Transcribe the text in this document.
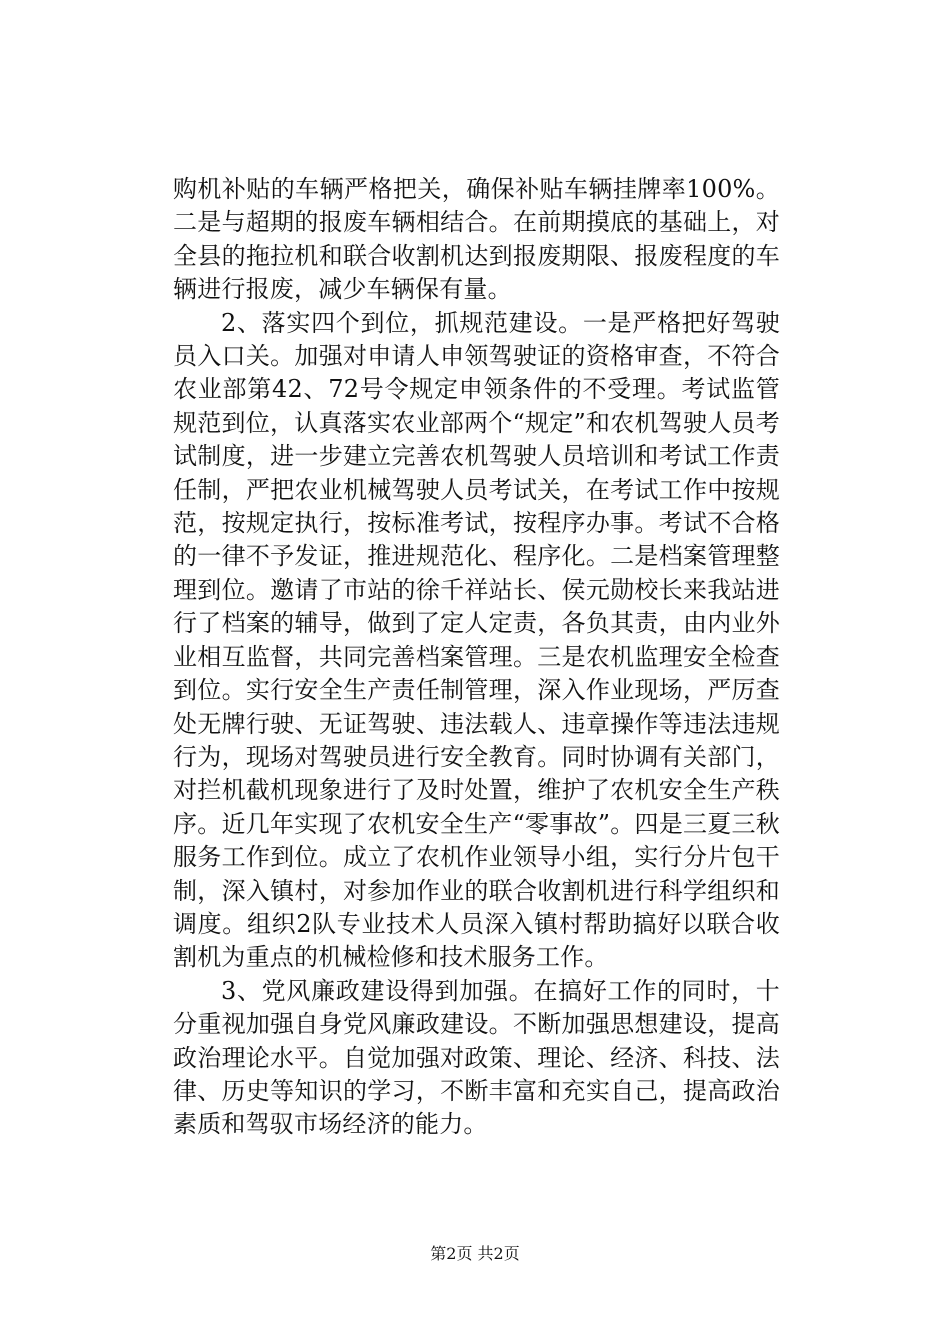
购机补贴的车辆严格把关，确保补贴车辆挂牌率100%。二是与超期的报废车辆相结合。在前期摸底的基础上，对全县的拖拉机和联合收割机达到报废期限、报废程度的车辆进行报废，减少车辆保有量。

2、落实四个到位，抓规范建设。一是严格把好驾驶员入口关。加强对申请人申领驾驶证的资格审查，不符合农业部第42、72号令规定申领条件的不受理。考试监管规范到位，认真落实农业部两个“规定”和农机驾驶人员考试制度，进一步建立完善农机驾驶人员培训和考试工作责任制，严把农业机械驾驶人员考试关，在考试工作中按规范，按规定执行，按标准考试，按程序办事。考试不合格的一律不予发证，推进规范化、程序化。二是档案管理整理到位。邀请了市站的徐千祥站长、侯元勋校长来我站进行了档案的辅导，做到了定人定责，各负其责，由内业外业相互监督，共同完善档案管理。三是农机监理安全检查到位。实行安全生产责任制管理，深入作业现场，严厉查处无牌行驶、无证驾驶、违法载人、违章操作等违法违规行为，现场对驾驶员进行安全教育。同时协调有关部门，对拦机截机现象进行了及时处置，维护了农机安全生产秩序。近几年实现了农机安全生产“零事故”。四是三夏三秋服务工作到位。成立了农机作业领导小组，实行分片包干制，深入镇村，对参加作业的联合收割机进行科学组织和调度。组织2队专业技术人员深入镇村帮助搞好以联合收割机为重点的机械检修和技术服务工作。

3、党风廉政建设得到加强。在搞好工作的同时，十分重视加强自身党风廉政建设。不断加强思想建设，提高政治理论水平。自觉加强对政策、理论、经济、科技、法律、历史等知识的学习，不断丰富和充实自己，提高政治素质和驾驭市场经济的能力。

第2页 共2页
